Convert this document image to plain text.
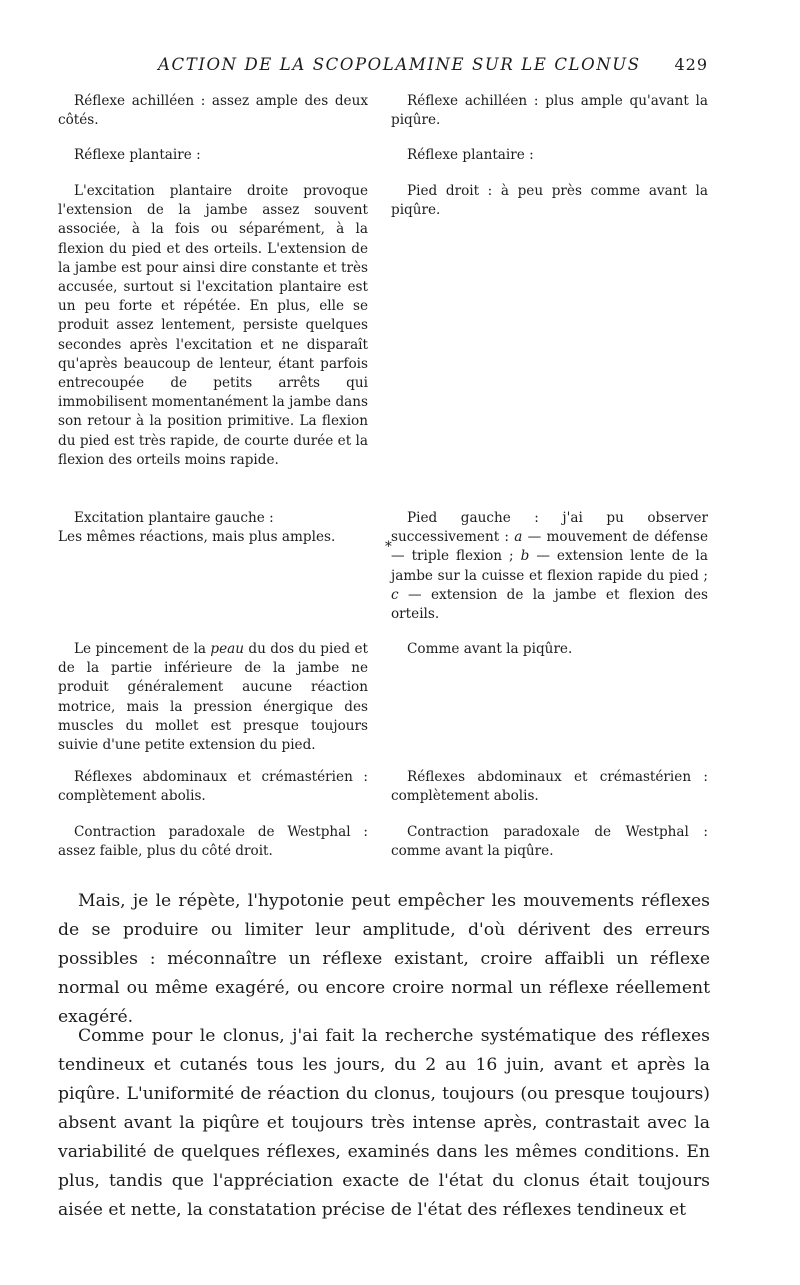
ACTION DE LA SCOPOLAMINE SUR LE CLONUS 429

Réflexe achilléen : assez ample des deux côtés.

Réflexe achilléen : plus ample qu'avant la piqûre.

Réflexe plantaire :	Réflexe plantaire :

L'excitation plantaire droite provoque l'extension de la jambe assez souvent associée, à la fois ou séparément, à la flexion du pied et des orteils. L'extension de la jambe est pour ainsi dire constante et très accusée, surtout si l'excitation plantaire est un peu forte et répétée. En plus, elle se produit assez lentement, persiste quelques secondes après l'excitation et ne disparaît qu'après beaucoup de lenteur, étant parfois entrecoupée de petits arrêts qui immobilisent momentanément la jambe dans son retour à la position primitive. La flexion du pied est très rapide, de courte durée et la flexion des orteils moins rapide.

Pied droit : à peu près comme avant la piqûre.

Excitation plantaire gauche :

Les mêmes réactions, mais plus amples.

*

Pied gauche : j'ai pu observer successivement : a — mouvement de défense — triple flexion ; b — extension lente de la jambe sur la cuisse et flexion rapide du pied ; c — extension de la jambe et flexion des orteils.

Le pincement de la peau du dos du pied et de la partie inférieure de la jambe ne produit généralement aucune réaction motrice, mais la pression énergique des muscles du mollet est presque toujours suivie d'une petite extension du pied.

Comme avant la piqûre.

Réflexes abdominaux et crémastérien : complètement abolis.

Réflexes abdominaux et crémastérien : complètement abolis.

Contraction paradoxale de Westphal : assez faible, plus du côté droit.

Contraction paradoxale de Westphal : comme avant la piqûre.

Mais, je le répète, l'hypotonie peut empêcher les mouvements réflexes de se produire ou limiter leur amplitude, d'où dérivent des erreurs possibles : méconnaître un réflexe existant, croire affaibli un réflexe normal ou même exagéré, ou encore croire normal un réflexe réellement exagéré.

Comme pour le clonus, j'ai fait la recherche systématique des réflexes tendineux et cutanés tous les jours, du 2 au 16 juin, avant et après la piqûre. L'uniformité de réaction du clonus, toujours (ou presque toujours) absent avant la piqûre et toujours très intense après, contrastait avec la variabilité de quelques réflexes, examinés dans les mêmes conditions. En plus, tandis que l'appréciation exacte de l'état du clonus était toujours aisée et nette, la constatation précise de l'état des réflexes tendineux et
